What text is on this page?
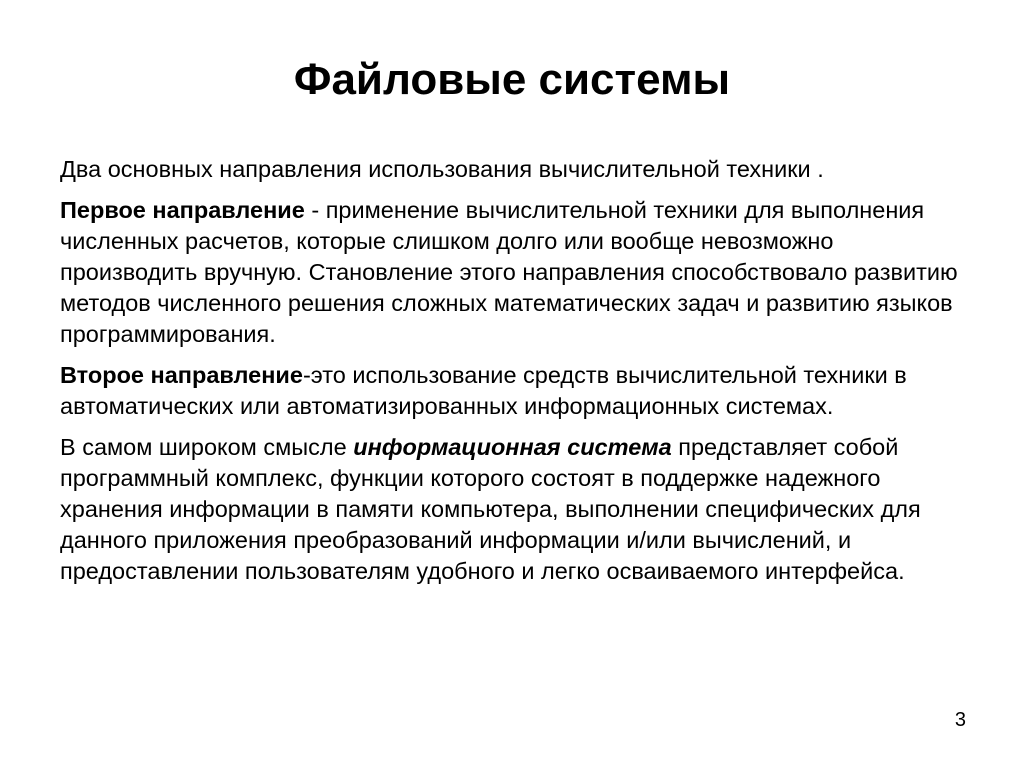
Файловые системы

Два основных направления использования вычислительной техники .

Первое направление - применение вычислительной техники для выполнения численных расчетов, которые слишком долго или вообще невозможно производить вручную. Становление этого направления способствовало развитию методов численного решения сложных математических задач и развитию языков программирования.

Второе направление-это использование средств вычислительной техники в автоматических или автоматизированных информационных системах.

В самом широком смысле информационная система представляет собой программный комплекс, функции которого состоят в поддержке надежного хранения информации в памяти компьютера, выполнении специфических для данного приложения преобразований информации и/или вычислений, и предоставлении пользователям удобного и легко осваиваемого интерфейса.

3
